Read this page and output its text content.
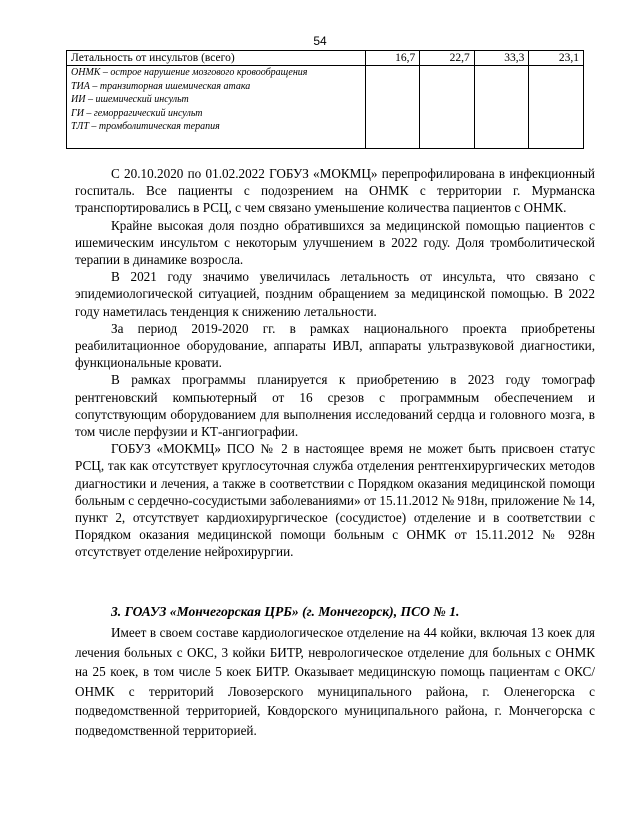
54
Летальность от инсультов (всего)	16,7	22,7	33,3	23,1

ОНМК – острое нарушение мозгового кровообращения
ТИА – транзиторная ишемическая атака
ИИ – ишемический инсульт
ГИ – геморрагический инсульт
ТЛТ – тромболитическая терапия				

С 20.10.2020 по 01.02.2022 ГОБУЗ «МОКМЦ» перепрофилирована в инфекционный госпиталь. Все пациенты с подозрением на ОНМК с территории г. Мурманска транспортировались в РСЦ, с чем связано уменьшение количества пациентов с ОНМК.

Крайне высокая доля поздно обратившихся за медицинской помощью пациентов с ишемическим инсультом с некоторым улучшением в 2022 году. Доля тромболитической терапии в динамике возросла.

В 2021 году значимо увеличилась летальность от инсульта, что связано с эпидемиологической ситуацией, поздним обращением за медицинской помощью. В 2022 году наметилась тенденция к снижению летальности.

За период 2019-2020 гг. в рамках национального проекта приобретены реабилитационное оборудование, аппараты ИВЛ, аппараты ультразвуковой диагностики, функциональные кровати.

В рамках программы планируется к приобретению в 2023 году томограф рентгеновский компьютерный от 16 срезов с программным обеспечением и сопутствующим оборудованием для выполнения исследований сердца и головного мозга, в том числе перфузии и КТ-ангиографии.

ГОБУЗ «МОКМЦ» ПСО № 2 в настоящее время не может быть присвоен статус РСЦ, так как отсутствует круглосуточная служба отделения рентгенхирургических методов диагностики и лечения, а также в соответствии с Порядком оказания медицинской помощи больным с сердечно-сосудистыми заболеваниями» от 15.11.2012 № 918н, приложение № 14, пункт 2, отсутствует кардиохирургическое (сосудистое) отделение и в соответствии с Порядком оказания медицинской помощи больным с ОНМК от 15.11.2012 № 928н отсутствует отделение нейрохирургии.

3. ГОАУЗ «Мончегорская ЦРБ» (г. Мончегорск), ПСО № 1.

Имеет в своем составе кардиологическое отделение на 44 койки, включая 13 коек для лечения больных с ОКС, 3 койки БИТР, неврологическое отделение для больных с ОНМК на 25 коек, в том числе 5 коек БИТР. Оказывает медицинскую помощь пациентам с ОКС/ОНМК с территорий Ловозерского муниципального района, г. Оленегорска с подведомственной территорией, Ковдорского муниципального района, г. Мончегорска с подведомственной территорией.
